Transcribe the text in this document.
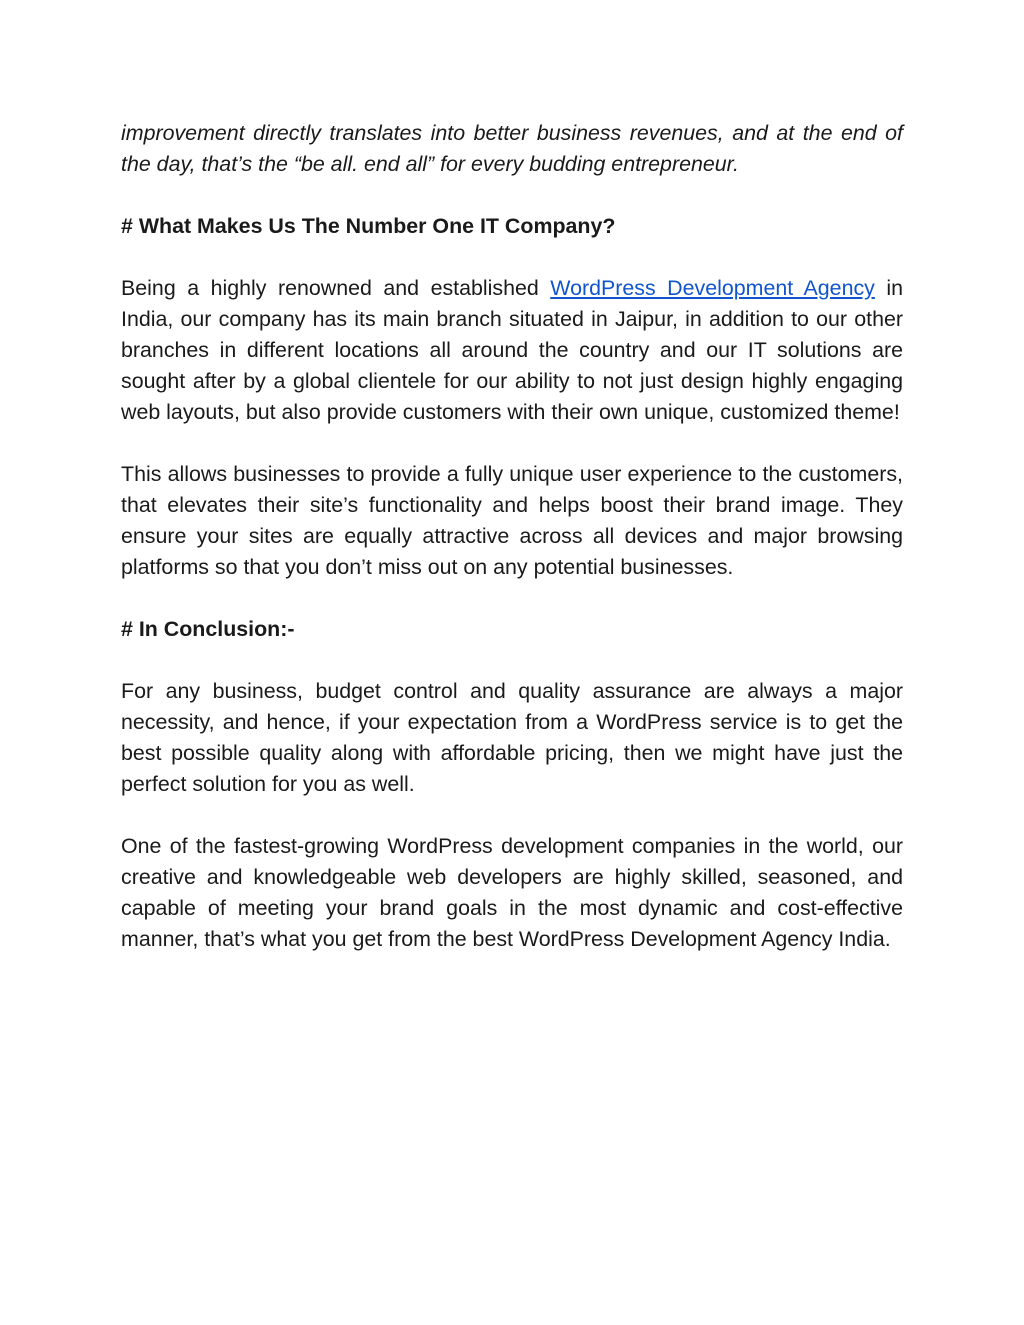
improvement directly translates into better business revenues, and at the end of the day, that’s the “be all. end all” for every budding entrepreneur.

# What Makes Us The Number One IT Company?

Being a highly renowned and established WordPress Development Agency in India, our company has its main branch situated in Jaipur, in addition to our other branches in different locations all around the country and our IT solutions are sought after by a global clientele for our ability to not just design highly engaging web layouts, but also provide customers with their own unique, customized theme!

This allows businesses to provide a fully unique user experience to the customers, that elevates their site’s functionality and helps boost their brand image. They ensure your sites are equally attractive across all devices and major browsing platforms so that you don’t miss out on any potential businesses.

# In Conclusion:-

For any business, budget control and quality assurance are always a major necessity, and hence, if your expectation from a WordPress service is to get the best possible quality along with affordable pricing, then we might have just the perfect solution for you as well.

One of the fastest-growing WordPress development companies in the world, our creative and knowledgeable web developers are highly skilled, seasoned, and capable of meeting your brand goals in the most dynamic and cost-effective manner, that’s what you get from the best WordPress Development Agency India.
